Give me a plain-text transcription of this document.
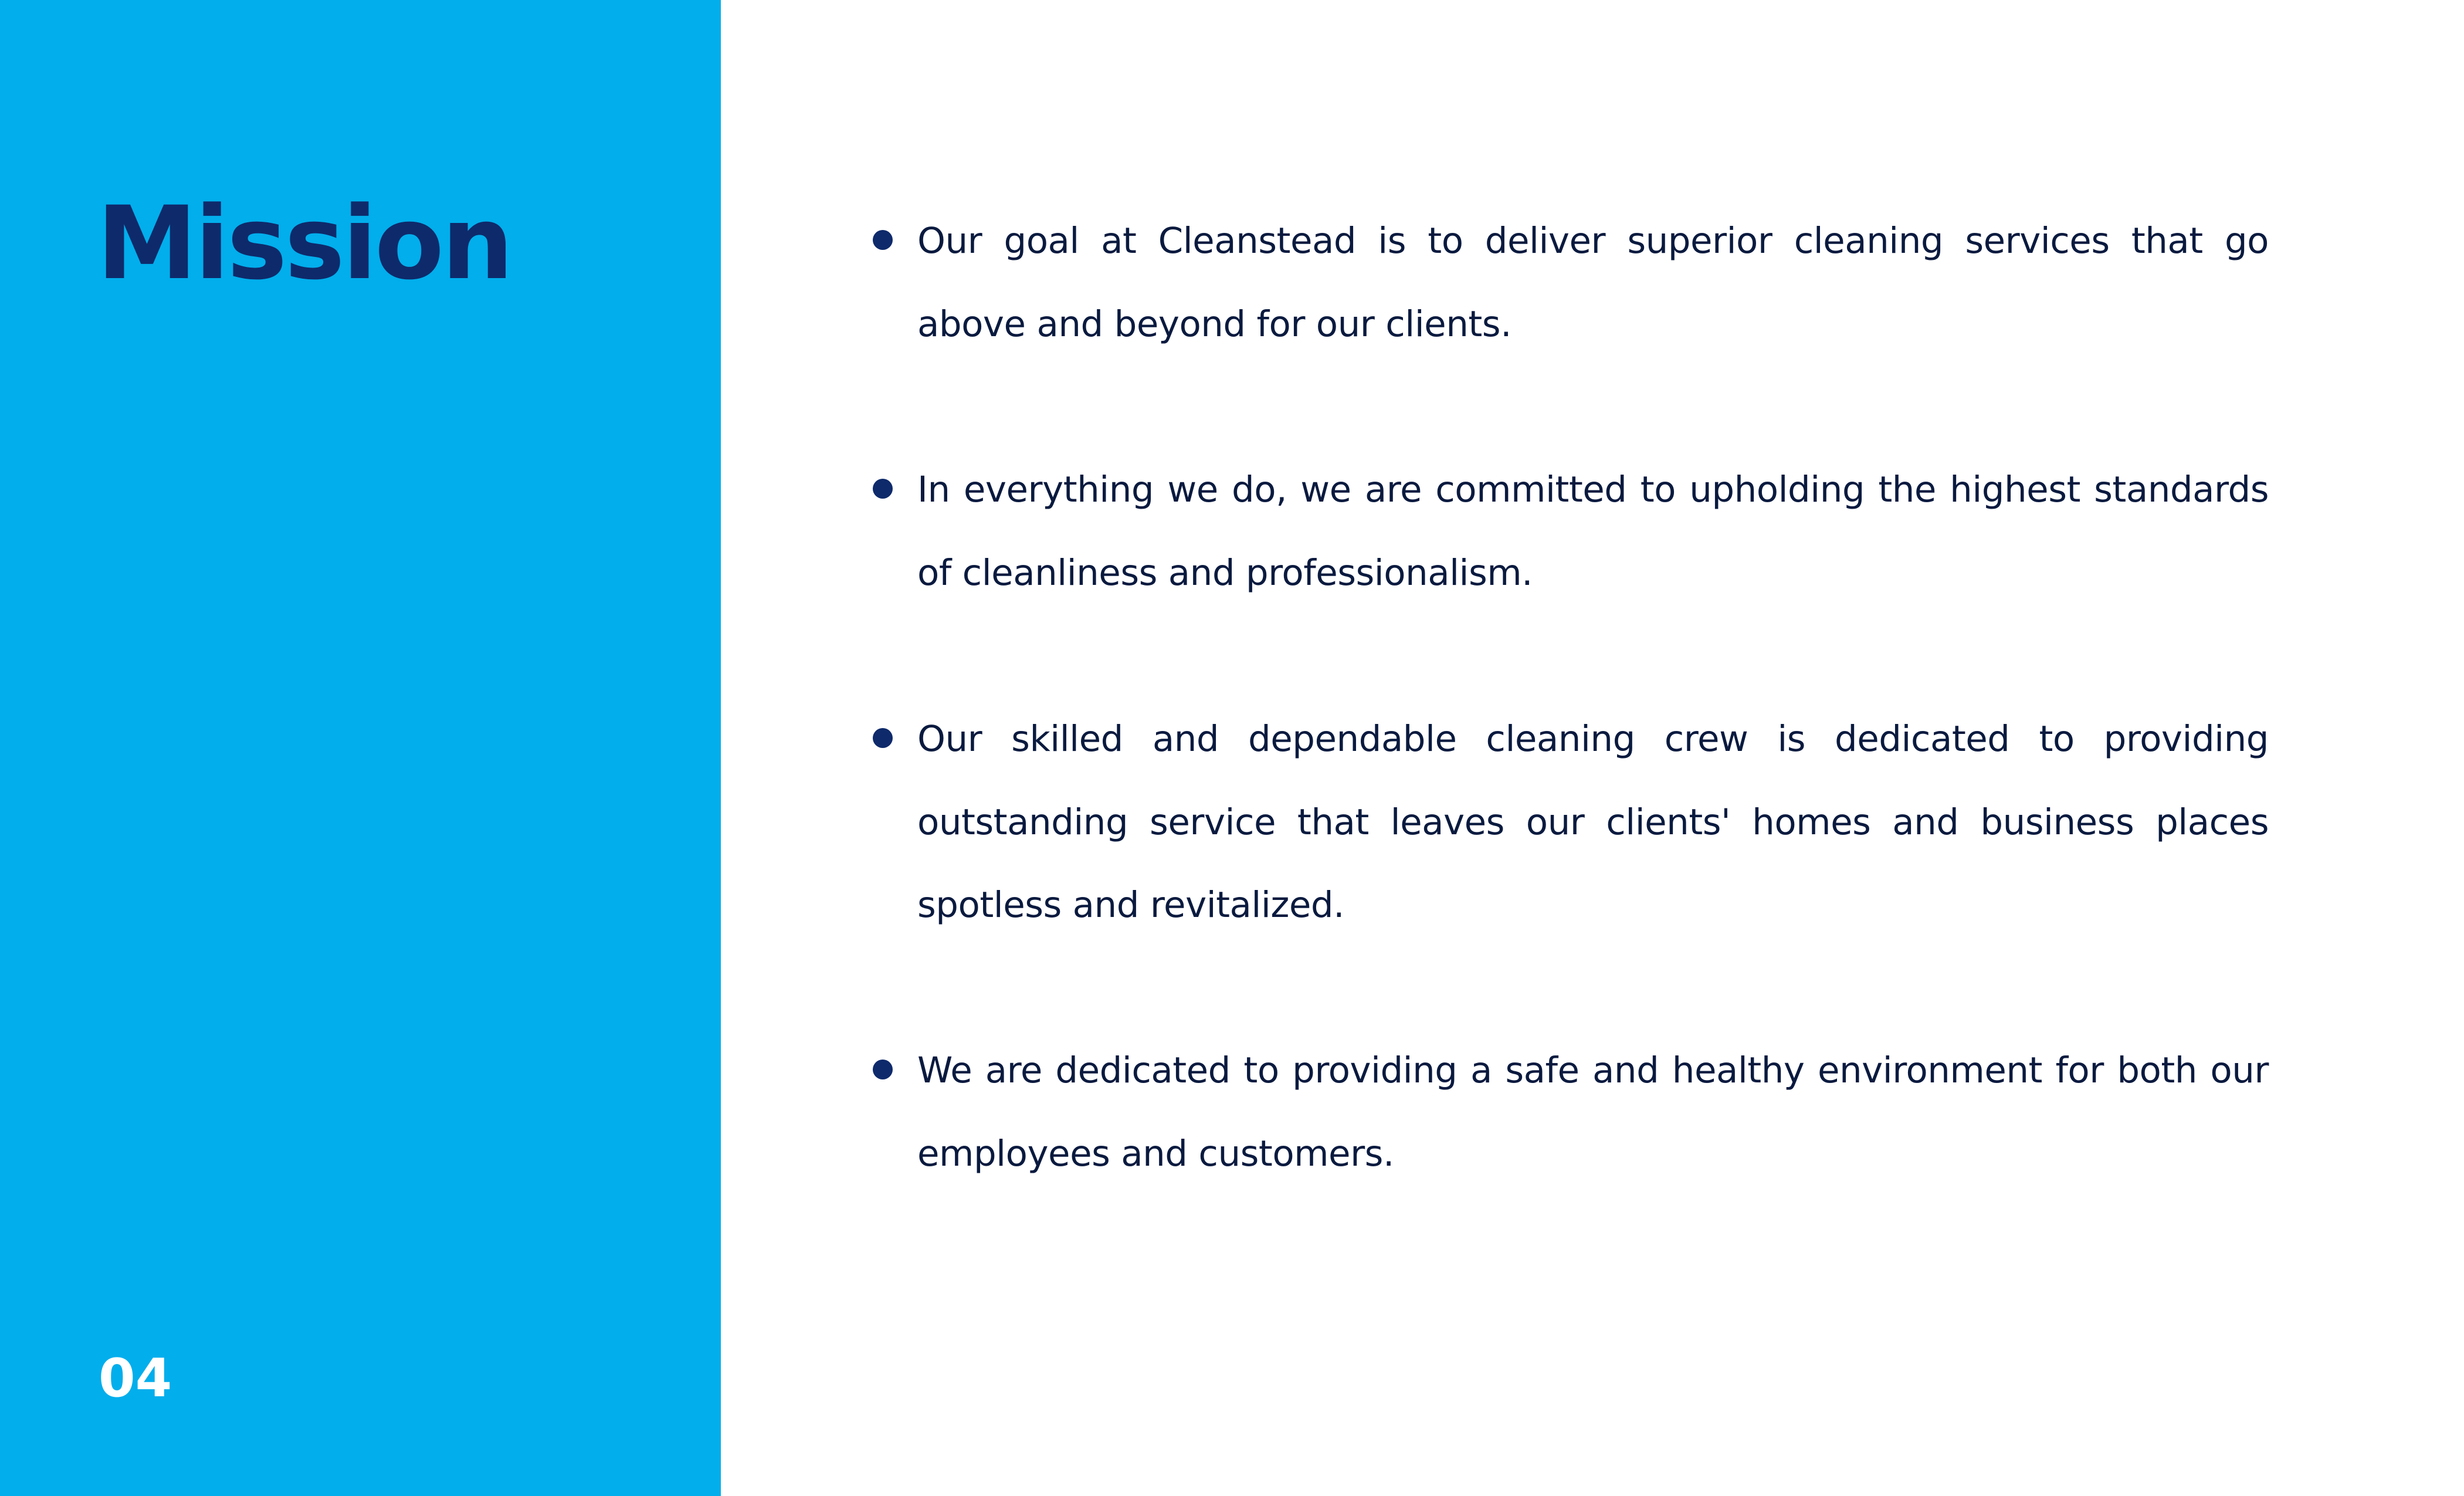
Mission
04

Our goal at Cleanstead is to deliver superior cleaning services that go above and beyond for our clients.

In everything we do, we are committed to upholding the highest standards of cleanliness and professionalism.

Our skilled and dependable cleaning crew is dedicated to providing outstanding service that leaves our clients' homes and business places spotless and revitalized.

We are dedicated to providing a safe and healthy environment for both our employees and customers.
